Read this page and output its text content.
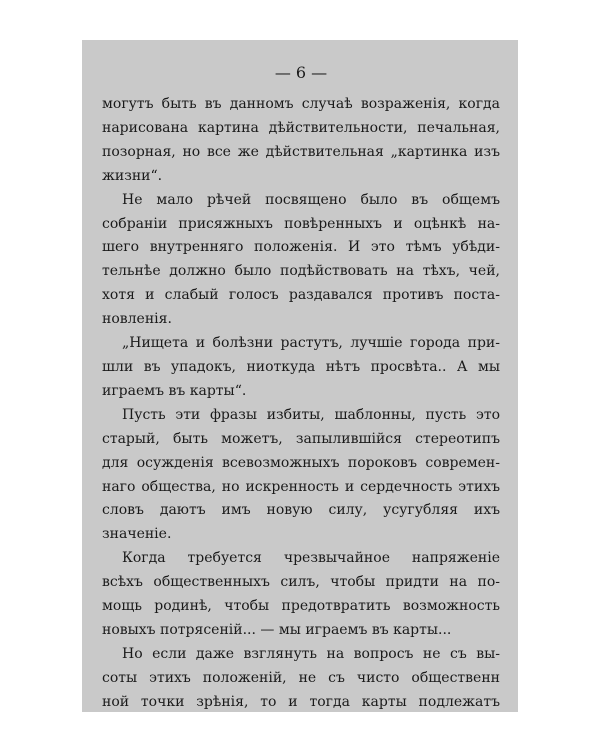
— 6 —
могутъ быть въ данномъ случаѣ возраженія, когда
нарисована картина дѣйствительности, печальная,
позорная, но все же дѣйствительная „картинка изъ
жизни“.
Не мало рѣчей посвящено было въ общемъ
собраніи присяжныхъ повѣренныхъ и оцѣнкѣ на-
шего внутренняго положенія. И это тѣмъ убѣди-
тельнѣе должно было подѣйствовать на тѣхъ, чей,
хотя и слабый голосъ раздавался противъ поста-
новленія.
„Нищета и болѣзни растутъ, лучшіе города при-
шли въ упадокъ, ниоткуда нѣтъ просвѣта.. А мы
играемъ въ карты“.
Пусть эти фразы избиты, шаблонны, пусть это
старый, быть можетъ, запылившійся стереотипъ
для осужденія всевозможныхъ пороковъ современ-
наго общества, но искренность и сердечность этихъ
словъ даютъ имъ новую силу, усугубляя ихъ
значеніе.
Когда требуется чрезвычайное напряженіе
всѣхъ общественныхъ силъ, чтобы придти на по-
мощь родинѣ, чтобы предотвратить возможность
новыхъ потрясеній... — мы играемъ въ карты...
Но если даже взглянуть на вопросъ не съ вы-
соты этихъ положеній, не съ чисто общественн
ной точки зрѣнія, то и тогда карты подлежатъ
